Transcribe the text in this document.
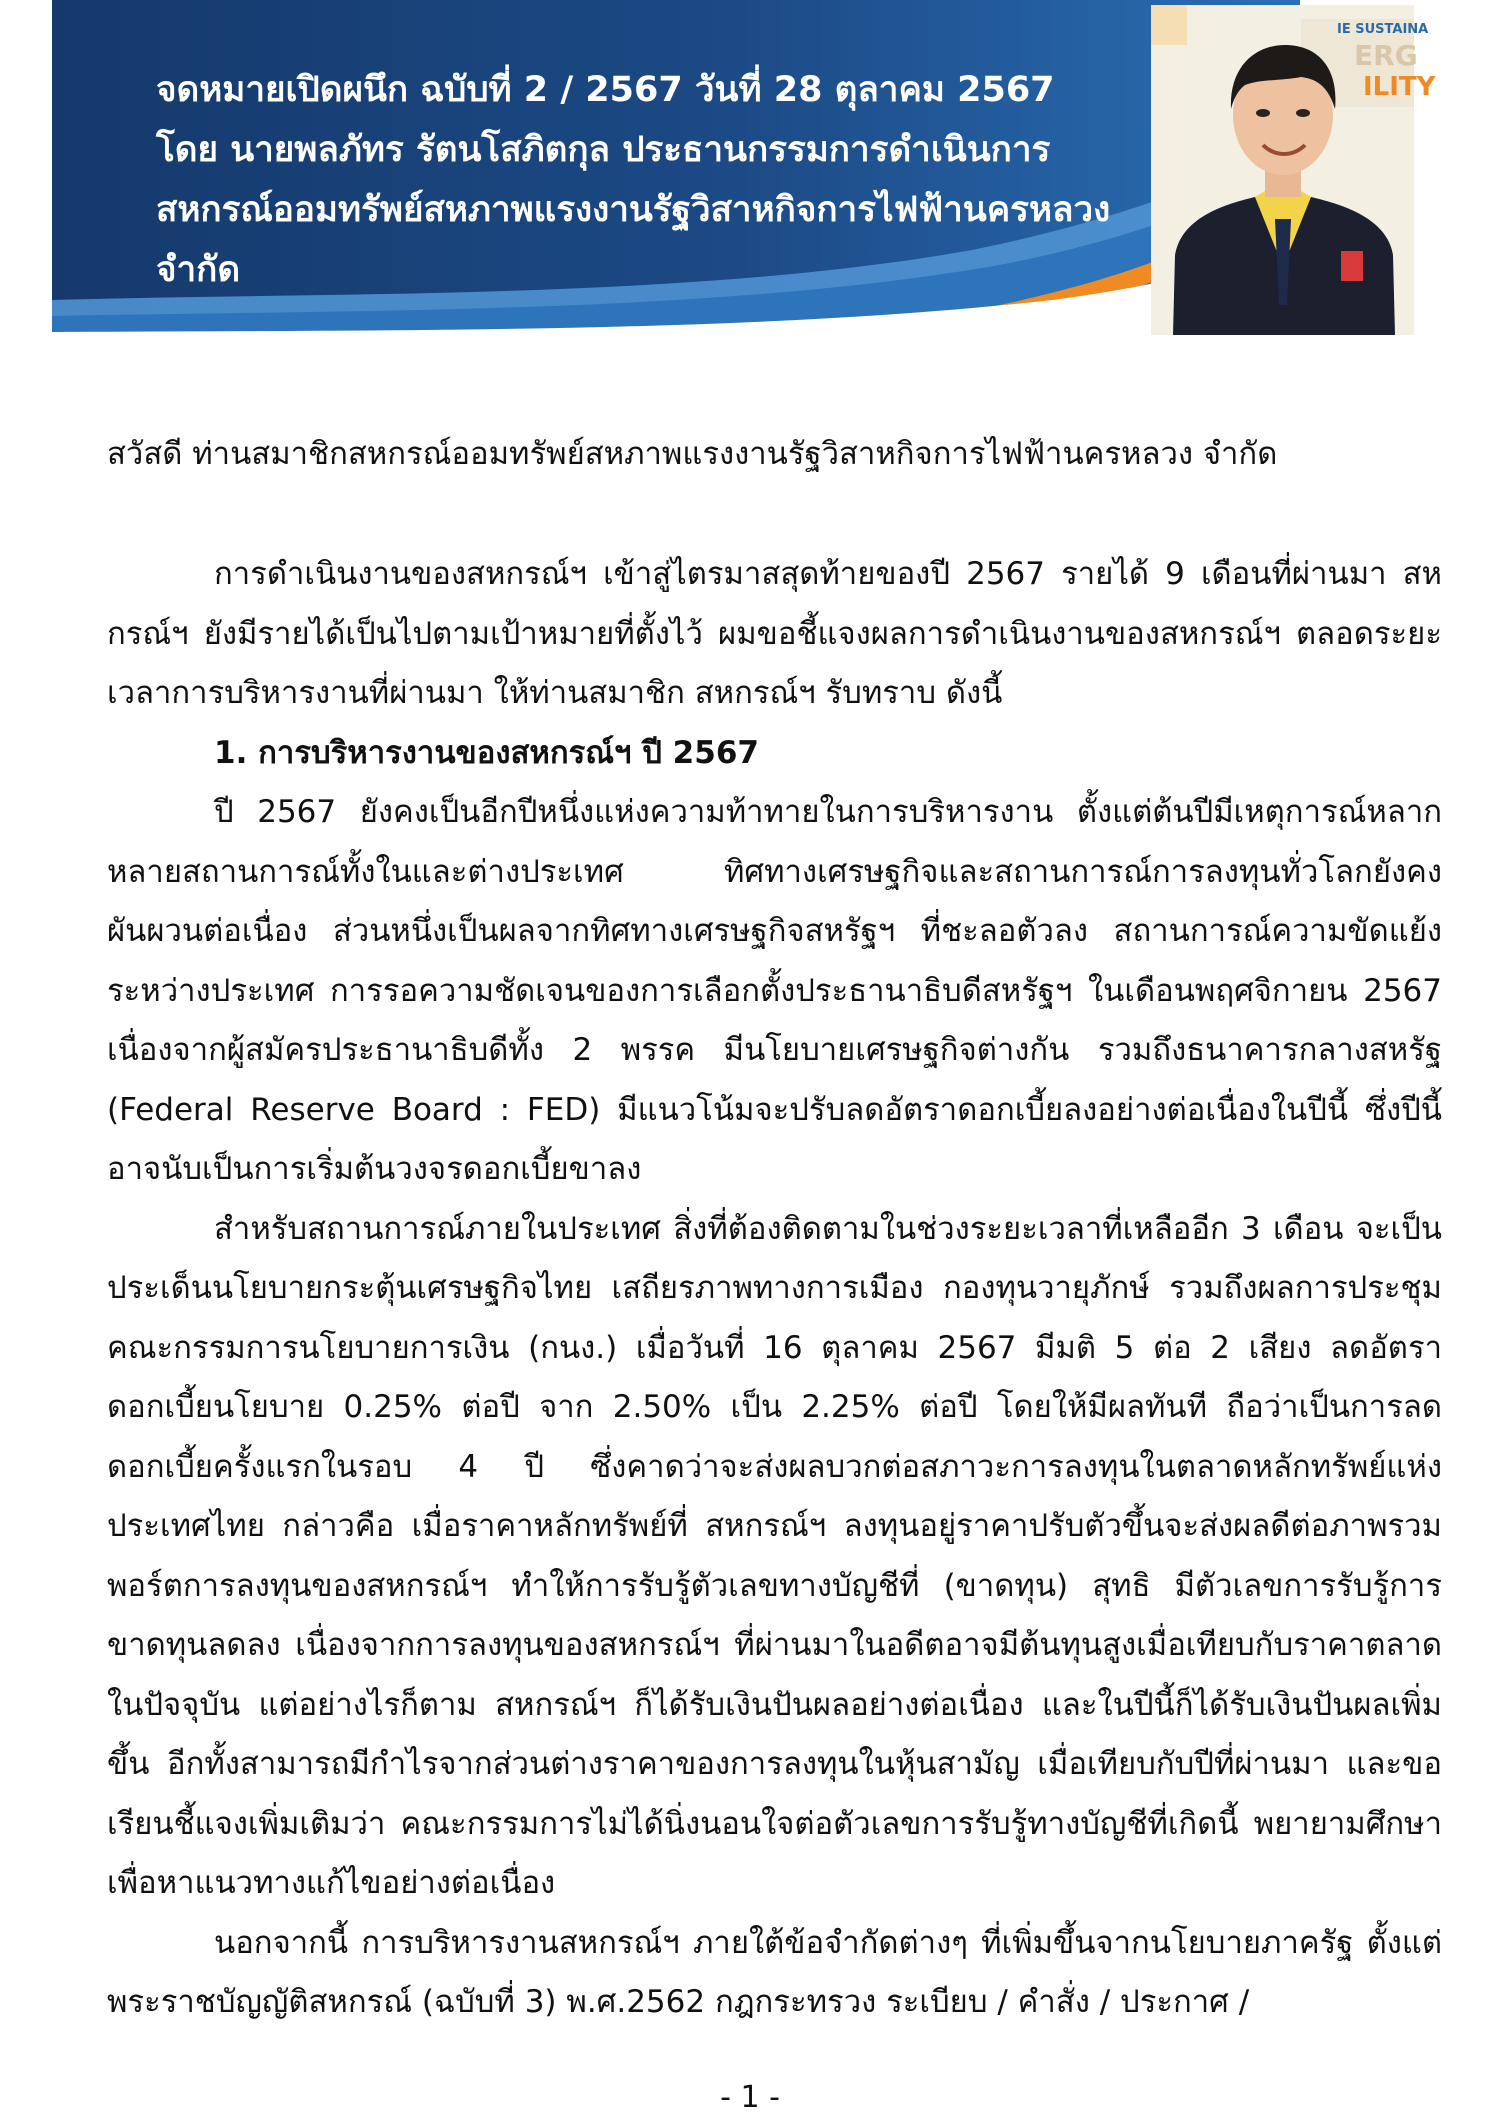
จดหมายเปิดผนึก ฉบับที่ 2 / 2567 วันที่ 28 ตุลาคม 2567
โดย นายพลภัทร รัตนโสภิตกุล ประธานกรรมการดำเนินการ
สหกรณ์ออมทรัพย์สหภาพแรงงานรัฐวิสาหกิจการไฟฟ้านครหลวง
จำกัด
IE SUSTAINA
ERG
ILITY
สวัสดี ท่านสมาชิกสหกรณ์ออมทรัพย์สหภาพแรงงานรัฐวิสาหกิจการไฟฟ้านครหลวง จำกัด

การดำเนินงานของสหกรณ์ฯ เข้าสู่ไตรมาสสุดท้ายของปี 2567 รายได้ 9 เดือนที่ผ่านมา สหกรณ์ฯ ยังมีรายได้เป็นไปตามเป้าหมายที่ตั้งไว้ ผมขอชี้แจงผลการดำเนินงานของสหกรณ์ฯ ตลอดระยะเวลาการบริหารงานที่ผ่านมา ให้ท่านสมาชิก สหกรณ์ฯ รับทราบ ดังนี้

1. การบริหารงานของสหกรณ์ฯ ปี 2567

ปี 2567 ยังคงเป็นอีกปีหนึ่งแห่งความท้าทายในการบริหารงาน ตั้งแต่ต้นปีมีเหตุการณ์หลากหลายสถานการณ์ทั้งในและต่างประเทศ ทิศทางเศรษฐกิจและสถานการณ์การลงทุนทั่วโลกยังคงผันผวนต่อเนื่อง ส่วนหนึ่งเป็นผลจากทิศทางเศรษฐกิจสหรัฐฯ ที่ชะลอตัวลง สถานการณ์ความขัดแย้งระหว่างประเทศ การรอความชัดเจนของการเลือกตั้งประธานาธิบดีสหรัฐฯ ในเดือนพฤศจิกายน 2567 เนื่องจากผู้สมัครประธานาธิบดีทั้ง 2 พรรค มีนโยบายเศรษฐกิจต่างกัน รวมถึงธนาคารกลางสหรัฐ (Federal Reserve Board : FED) มีแนวโน้มจะปรับลดอัตราดอกเบี้ยลงอย่างต่อเนื่องในปีนี้ ซึ่งปีนี้อาจนับเป็นการเริ่มต้นวงจรดอกเบี้ยขาลง

สำหรับสถานการณ์ภายในประเทศ สิ่งที่ต้องติดตามในช่วงระยะเวลาที่เหลืออีก 3 เดือน จะเป็นประเด็นนโยบายกระตุ้นเศรษฐกิจไทย เสถียรภาพทางการเมือง กองทุนวายุภักษ์ รวมถึงผลการประชุมคณะกรรมการนโยบายการเงิน (กนง.) เมื่อวันที่ 16 ตุลาคม 2567 มีมติ 5 ต่อ 2 เสียง ลดอัตราดอกเบี้ยนโยบาย 0.25% ต่อปี จาก 2.50% เป็น 2.25% ต่อปี โดยให้มีผลทันที ถือว่าเป็นการลดดอกเบี้ยครั้งแรกในรอบ 4 ปี ซึ่งคาดว่าจะส่งผลบวกต่อสภาวะการลงทุนในตลาดหลักทรัพย์แห่งประเทศไทย กล่าวคือ เมื่อราคาหลักทรัพย์ที่ สหกรณ์ฯ ลงทุนอยู่ราคาปรับตัวขึ้นจะส่งผลดีต่อภาพรวมพอร์ตการลงทุนของสหกรณ์ฯ ทำให้การรับรู้ตัวเลขทางบัญชีที่ (ขาดทุน) สุทธิ มีตัวเลขการรับรู้การขาดทุนลดลง เนื่องจากการลงทุนของสหกรณ์ฯ ที่ผ่านมาในอดีตอาจมีต้นทุนสูงเมื่อเทียบกับราคาตลาดในปัจจุบัน แต่อย่างไรก็ตาม สหกรณ์ฯ ก็ได้รับเงินปันผลอย่างต่อเนื่อง และในปีนี้ก็ได้รับเงินปันผลเพิ่มขึ้น อีกทั้งสามารถมีกำไรจากส่วนต่างราคาของการลงทุนในหุ้นสามัญ เมื่อเทียบกับปีที่ผ่านมา และขอเรียนชี้แจงเพิ่มเติมว่า คณะกรรมการไม่ได้นิ่งนอนใจต่อตัวเลขการรับรู้ทางบัญชีที่เกิดนี้ พยายามศึกษาเพื่อหาแนวทางแก้ไขอย่างต่อเนื่อง

นอกจากนี้ การบริหารงานสหกรณ์ฯ ภายใต้ข้อจำกัดต่างๆ ที่เพิ่มขึ้นจากนโยบายภาครัฐ ตั้งแต่ พระราชบัญญัติสหกรณ์ (ฉบับที่ 3) พ.ศ.2562 กฎกระทรวง ระเบียบ / คำสั่ง / ประกาศ /

- 1 -
